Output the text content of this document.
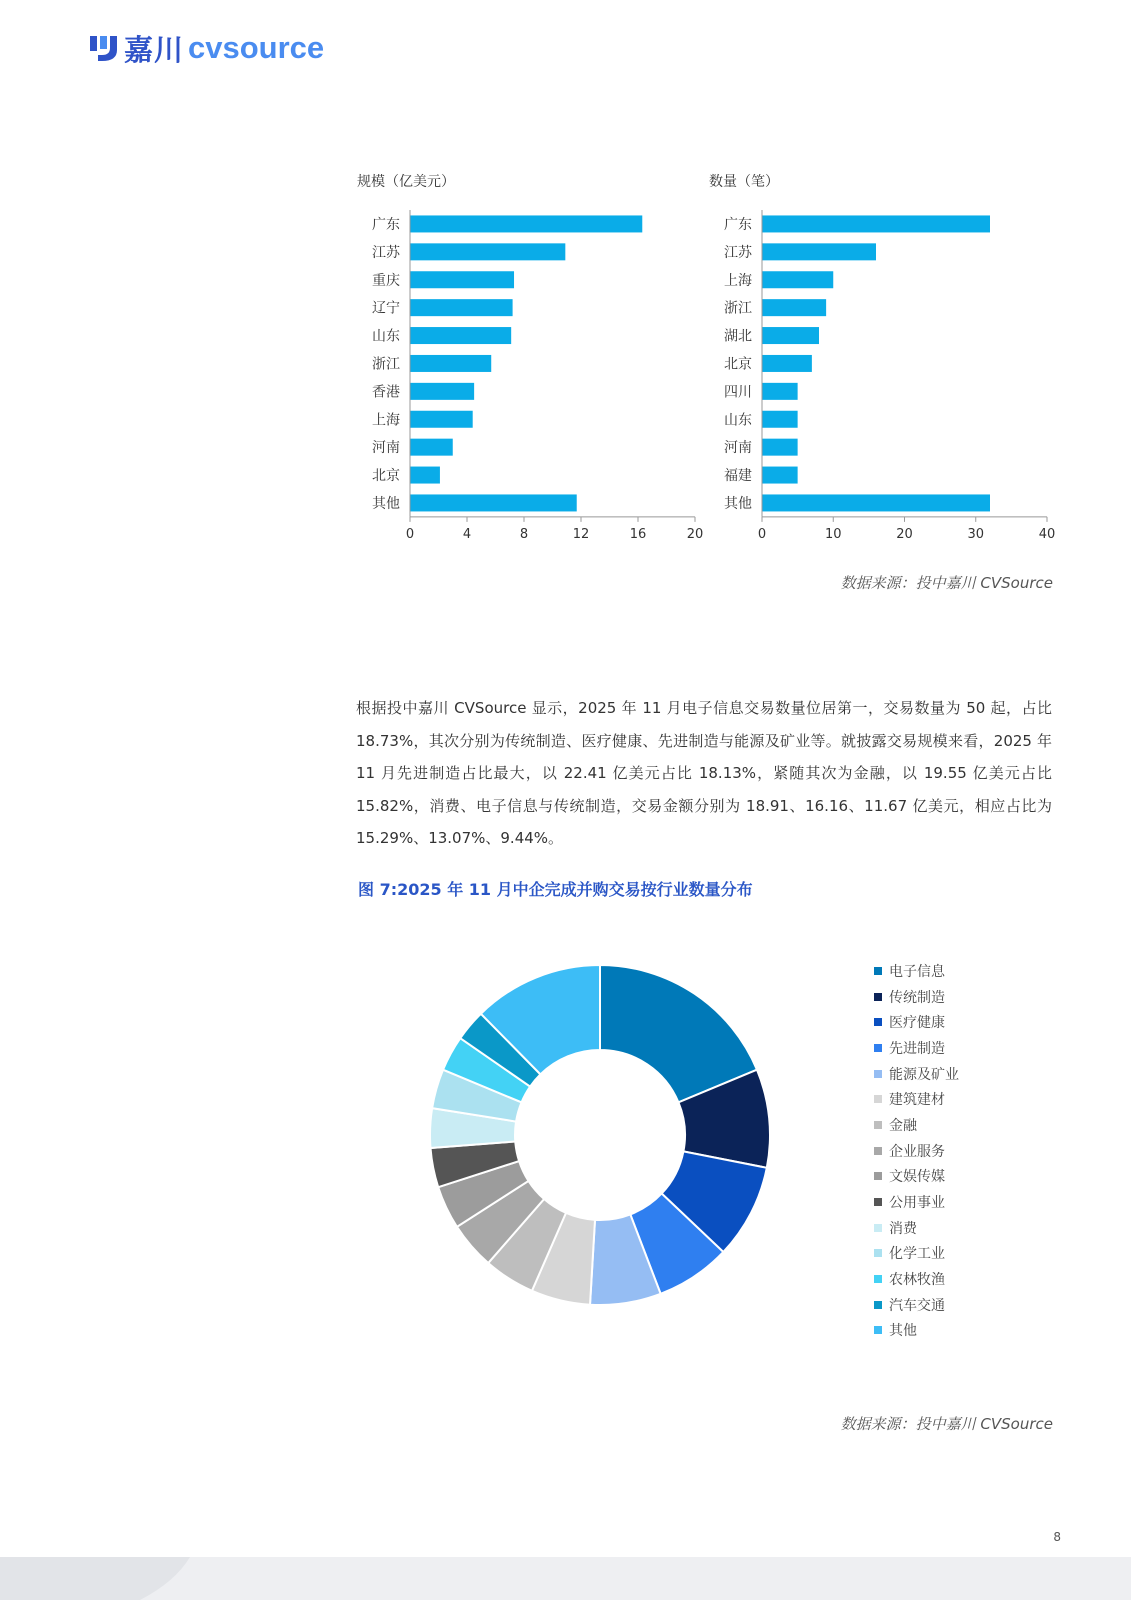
嘉川 cvsource
规模（亿美元）
广东
江苏
重庆
辽宁
山东
浙江
香港
上海
河南
北京
其他
0	4	8	12	16	20
数量（笔）
广东
江苏
上海
浙江
湖北
北京
四川
山东
河南
福建
其他
0	10	20	30	40
数据来源：投中嘉川 CVSource
根据投中嘉川 CVSource 显示，2025 年 11 月电子信息交易数量位居第一，交易数量为 50 起，占比 18.73%，其次分别为传统制造、医疗健康、先进制造与能源及矿业等。就披露交易规模来看，2025 年 11 月先进制造占比最大，以 22.41 亿美元占比 18.13%，紧随其次为金融，以 19.55 亿美元占比 15.82%，消费、电子信息与传统制造，交易金额分别为 18.91、16.16、11.67 亿美元，相应占比为 15.29%、13.07%、9.44%。
图 7:2025 年 11 月中企完成并购交易按行业数量分布
电子信息
传统制造
医疗健康
先进制造
能源及矿业
建筑建材
金融
企业服务
文娱传媒
公用事业
消费
化学工业
农林牧渔
汽车交通
其他
数据来源：投中嘉川 CVSource
8
